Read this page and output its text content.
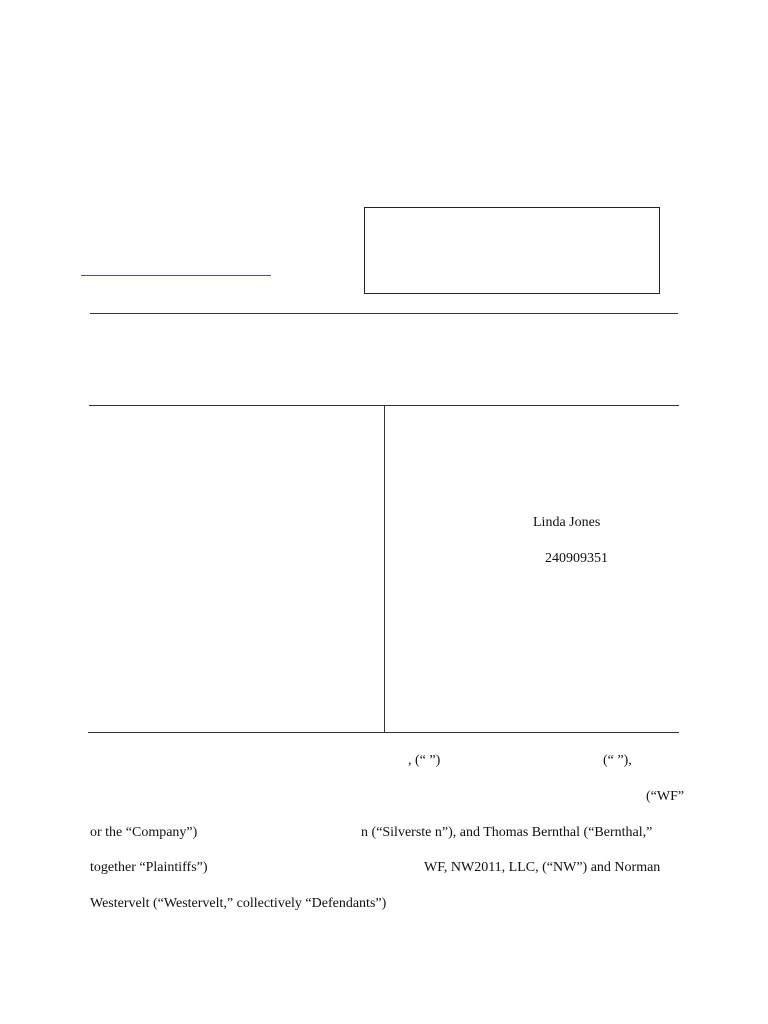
Linda Jones
240909351
, (“ ”)	(“ ”),
(“WF”
or the “Company”)	n (“Silverste n”), and Thomas Bernthal (“Bernthal,”
together “Plaintiffs”)	WF, NW2011, LLC, (“NW”) and Norman
Westervelt (“Westervelt,” collectively “Defendants”)
